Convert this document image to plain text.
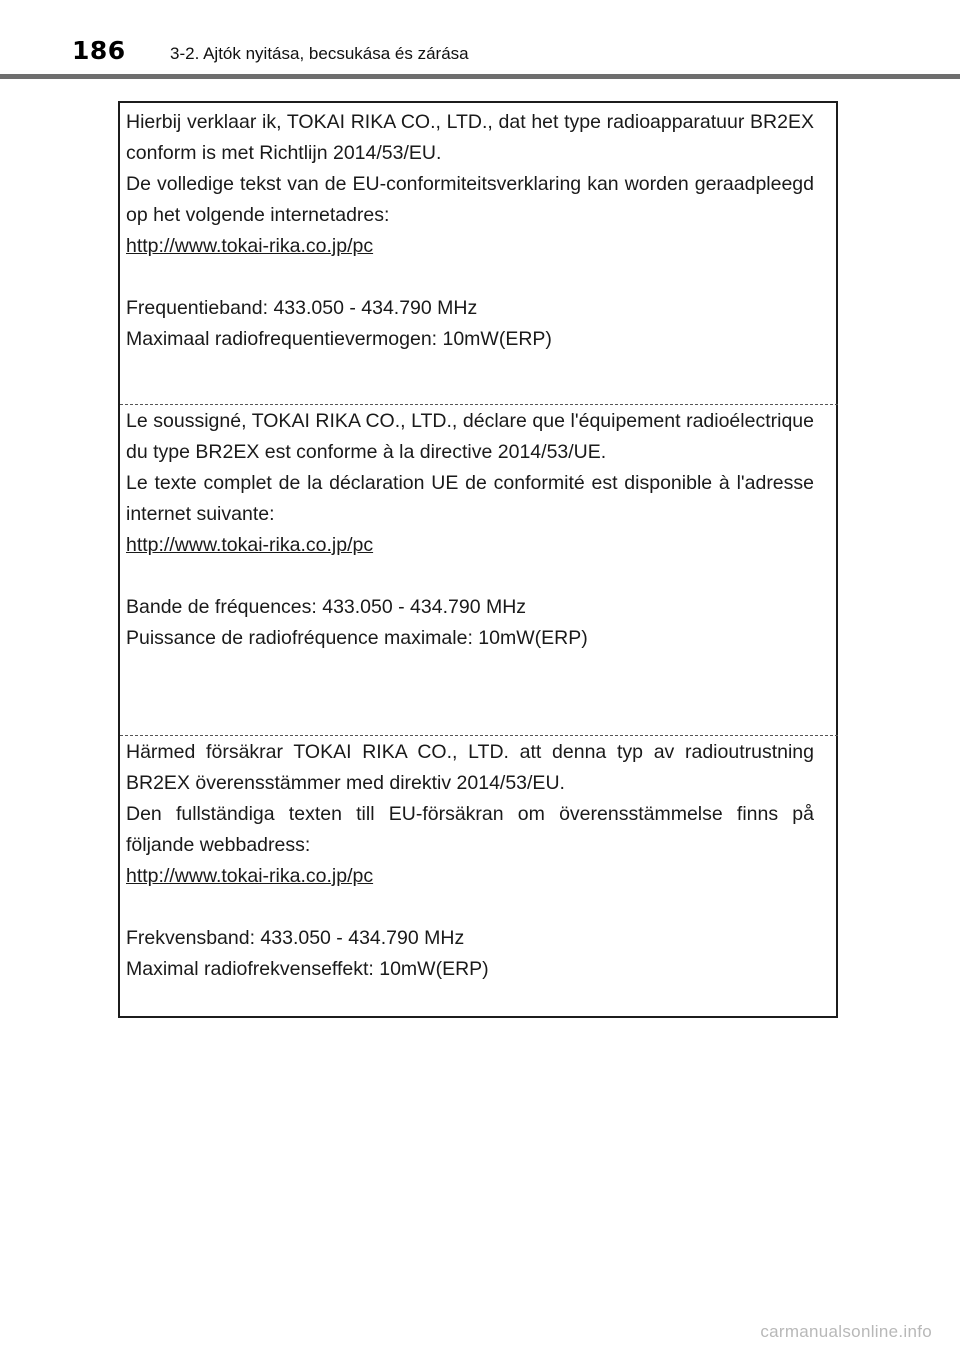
186	3-2. Ajtók nyitása, becsukása és zárása

Hierbij verklaar ik, TOKAI RIKA CO., LTD., dat het type radioapparatuur BR2EX conform is met Richtlijn 2014/53/EU.

De volledige tekst van de EU-conformiteitsverklaring kan worden geraadpleegd op het volgende internetadres:

http://www.tokai-rika.co.jp/pc
Frequentieband: 433.050 - 434.790 MHz
Maximaal radiofrequentievermogen: 10mW(ERP)

Le soussigné, TOKAI RIKA CO., LTD., déclare que l'équipement radioélectrique du type BR2EX est conforme à la directive 2014/53/UE.

Le texte complet de la déclaration UE de conformité est disponible à l'adresse internet suivante:

http://www.tokai-rika.co.jp/pc
Bande de fréquences: 433.050 - 434.790 MHz
Puissance de radiofréquence maximale: 10mW(ERP)

Härmed försäkrar TOKAI RIKA CO., LTD. att denna typ av radioutrustning BR2EX överensstämmer med direktiv 2014/53/EU.

Den fullständiga texten till EU-försäkran om överensstämmelse finns på följande webbadress:

http://www.tokai-rika.co.jp/pc
Frekvensband: 433.050 - 434.790 MHz
Maximal radiofrekvenseffekt: 10mW(ERP)
carmanualsonline.info
